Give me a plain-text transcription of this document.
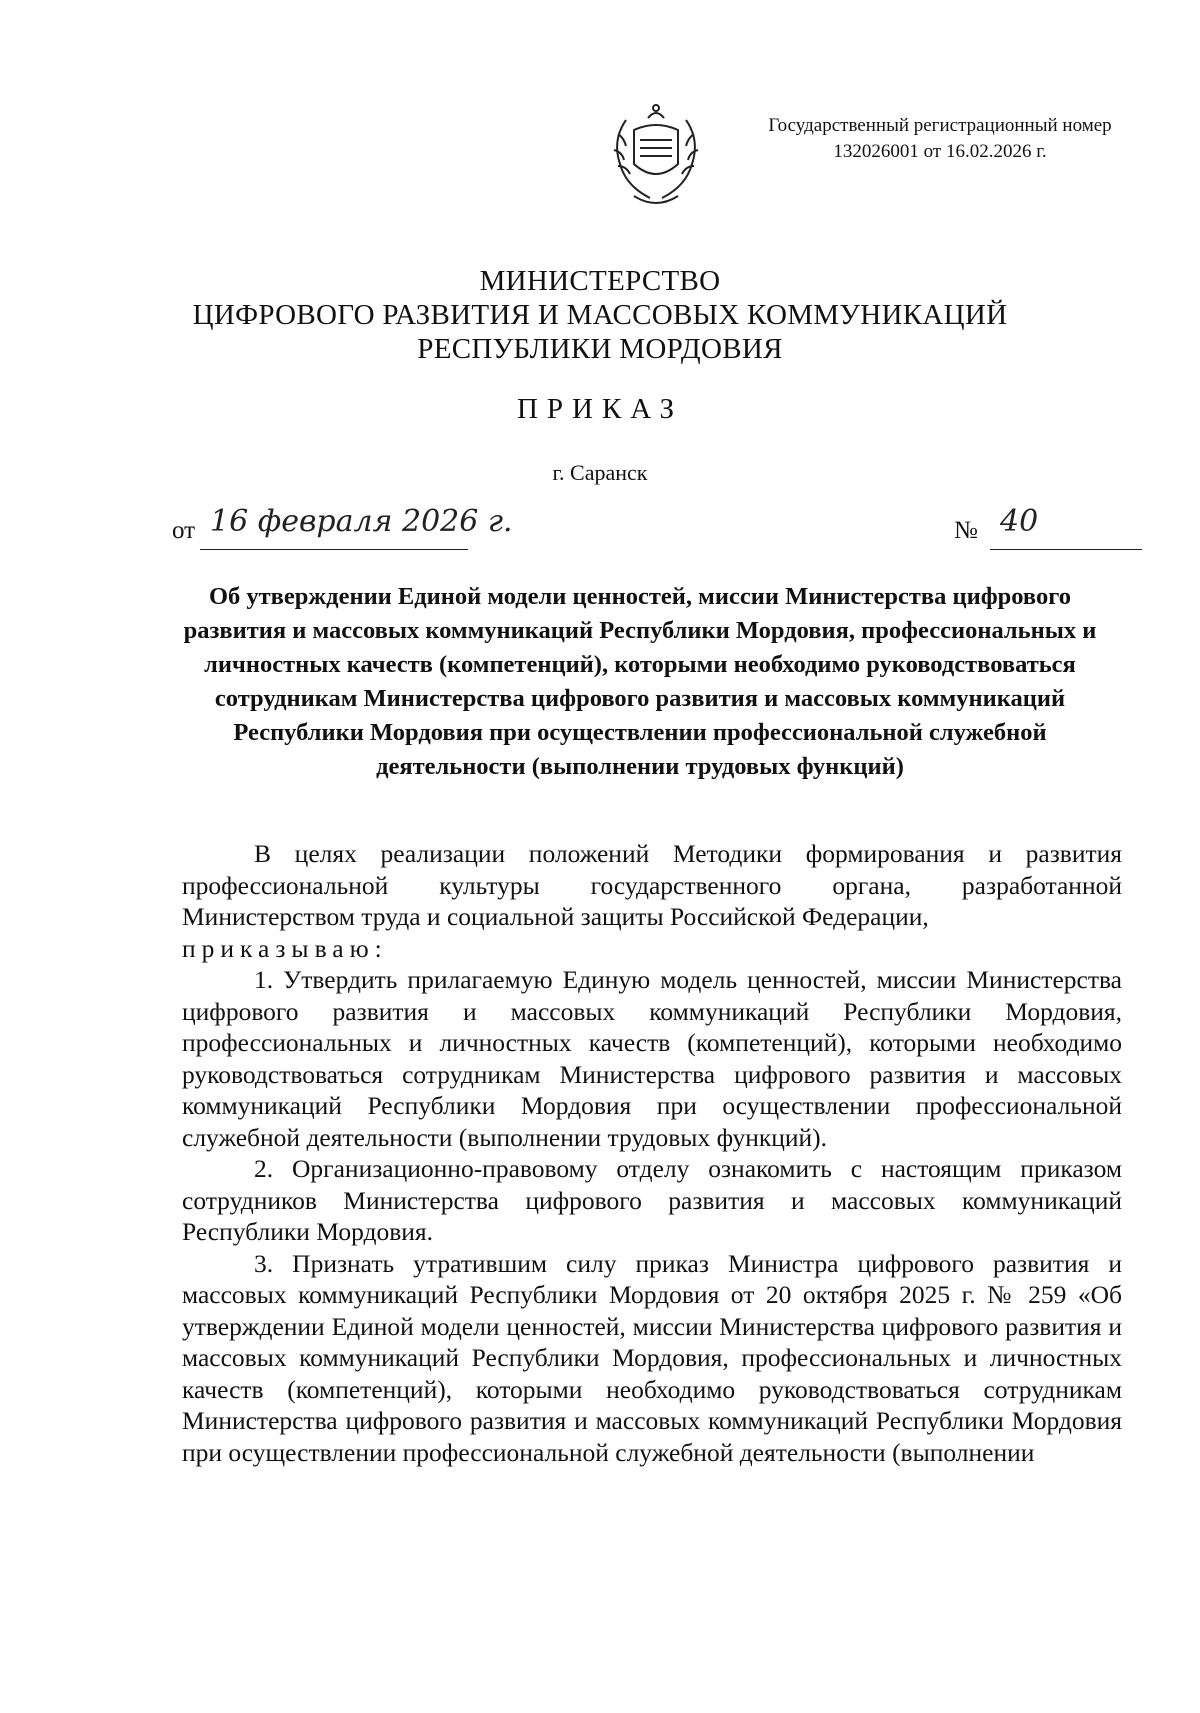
Государственный регистрационный номер
132026001 от 16.02.2026 г.
МИНИСТЕРСТВО
ЦИФРОВОГО РАЗВИТИЯ И МАССОВЫХ КОММУНИКАЦИЙ
РЕСПУБЛИКИ МОРДОВИЯ
ПРИКАЗ
г. Саранск
от 16 февраля 2026 г.	№ 40
Об утверждении Единой модели ценностей, миссии Министерства цифрового развития и массовых коммуникаций Республики Мордовия, профессиональных и личностных качеств (компетенций), которыми необходимо руководствоваться сотрудникам Министерства цифрового развития и массовых коммуникаций Республики Мордовия при осуществлении профессиональной служебной деятельности (выполнении трудовых функций)

В целях реализации положений Методики формирования и развития профессиональной культуры государственного органа, разработанной Министерством труда и социальной защиты Российской Федерации,

приказываю:

1. Утвердить прилагаемую Единую модель ценностей, миссии Министерства цифрового развития и массовых коммуникаций Республики Мордовия, профессиональных и личностных качеств (компетенций), которыми необходимо руководствоваться сотрудникам Министерства цифрового развития и массовых коммуникаций Республики Мордовия при осуществлении профессиональной служебной деятельности (выполнении трудовых функций).

2. Организационно-правовому отделу ознакомить с настоящим приказом сотрудников Министерства цифрового развития и массовых коммуникаций Республики Мордовия.

3. Признать утратившим силу приказ Министра цифрового развития и массовых коммуникаций Республики Мордовия от 20 октября 2025 г. № 259 «Об утверждении Единой модели ценностей, миссии Министерства цифрового развития и массовых коммуникаций Республики Мордовия, профессиональных и личностных качеств (компетенций), которыми необходимо руководствоваться сотрудникам Министерства цифрового развития и массовых коммуникаций Республики Мордовия при осуществлении профессиональной служебной деятельности (выполнении
